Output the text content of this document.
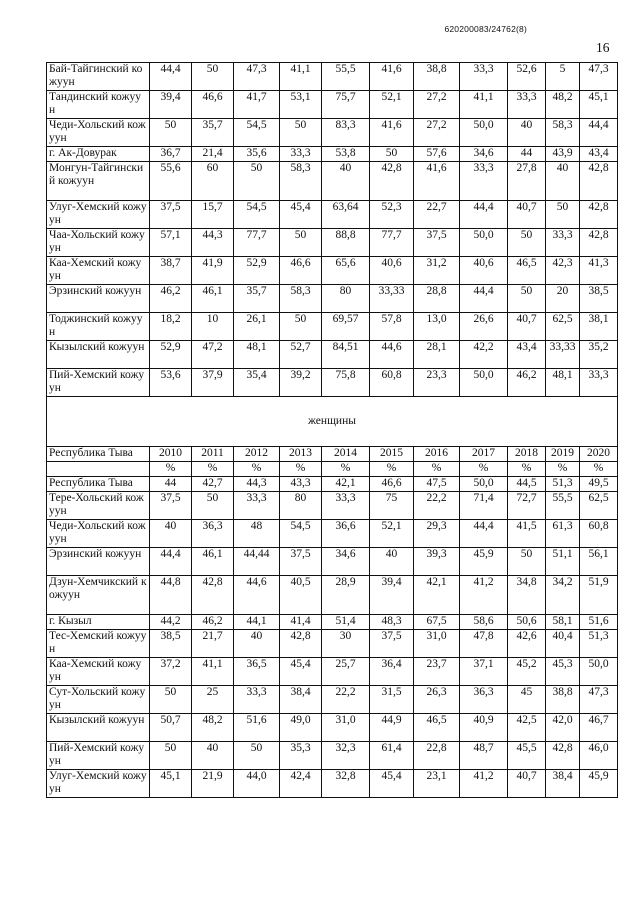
620200083/24762(8)
16
Бай-Тайгинский кожуун	44,4	50	47,3	41,1	55,5	41,6	38,8	33,3	52,6	5	47,3
Тандинский кожуун	39,4	46,6	41,7	53,1	75,7	52,1	27,2	41,1	33,3	48,2	45,1
Чеди-Хольский кожуун	50	35,7	54,5	50	83,3	41,6	27,2	50,0	40	58,3	44,4
г. Ак-Довурак	36,7	21,4	35,6	33,3	53,8	50	57,6	34,6	44	43,9	43,4
Монгун-Тайгинский кожуун	55,6	60	50	58,3	40	42,8	41,6	33,3	27,8	40	42,8
Улуг-Хемский кожуун	37,5	15,7	54,5	45,4	63,64	52,3	22,7	44,4	40,7	50	42,8
Чаа-Хольский кожуун	57,1	44,3	77,7	50	88,8	77,7	37,5	50,0	50	33,3	42,8
Каа-Хемский кожуун	38,7	41,9	52,9	46,6	65,6	40,6	31,2	40,6	46,5	42,3	41,3
Эрзинский кожуун	46,2	46,1	35,7	58,3	80	33,33	28,8	44,4	50	20	38,5
Тоджинский кожуун	18,2	10	26,1	50	69,57	57,8	13,0	26,6	40,7	62,5	38,1
Кызылский кожуун	52,9	47,2	48,1	52,7	84,51	44,6	28,1	42,2	43,4	33,33	35,2
Пий-Хемский кожуун	53,6	37,9	35,4	39,2	75,8	60,8	23,3	50,0	46,2	48,1	33,3
женщины											
Республика Тыва	2010	2011	2012	2013	2014	2015	2016	2017	2018	2019	2020
	%	%	%	%	%	%	%	%	%	%	%
Республика Тыва	44	42,7	44,3	43,3	42,1	46,6	47,5	50,0	44,5	51,3	49,5
Тере-Хольский кожуун	37,5	50	33,3	80	33,3	75	22,2	71,4	72,7	55,5	62,5
Чеди-Хольский кожуун	40	36,3	48	54,5	36,6	52,1	29,3	44,4	41,5	61,3	60,8
Эрзинский кожуун	44,4	46,1	44,44	37,5	34,6	40	39,3	45,9	50	51,1	56,1
Дзун-Хемчикский кожуун	44,8	42,8	44,6	40,5	28,9	39,4	42,1	41,2	34,8	34,2	51,9
г. Кызыл	44,2	46,2	44,1	41,4	51,4	48,3	67,5	58,6	50,6	58,1	51,6
Тес-Хемский кожуун	38,5	21,7	40	42,8	30	37,5	31,0	47,8	42,6	40,4	51,3
Каа-Хемский кожуун	37,2	41,1	36,5	45,4	25,7	36,4	23,7	37,1	45,2	45,3	50,0
Сут-Хольский кожуун	50	25	33,3	38,4	22,2	31,5	26,3	36,3	45	38,8	47,3
Кызылский кожуун	50,7	48,2	51,6	49,0	31,0	44,9	46,5	40,9	42,5	42,0	46,7
Пий-Хемский кожуун	50	40	50	35,3	32,3	61,4	22,8	48,7	45,5	42,8	46,0
Улуг-Хемский кожуун	45,1	21,9	44,0	42,4	32,8	45,4	23,1	41,2	40,7	38,4	45,9
